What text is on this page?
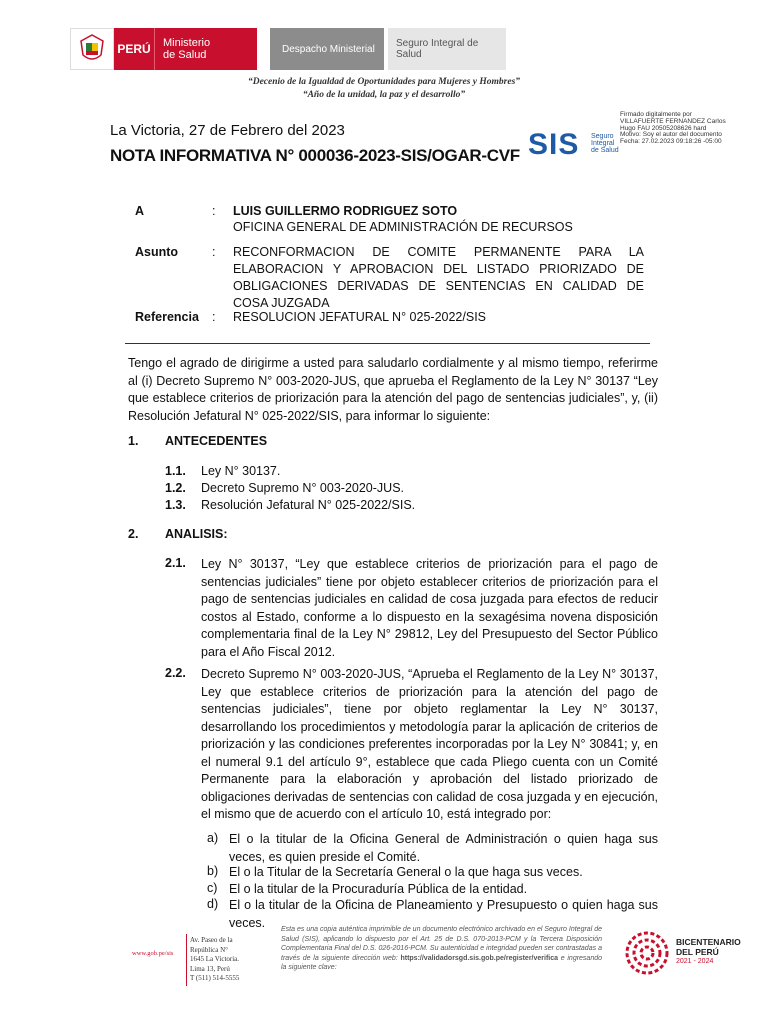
PERÚ Ministerio
de Salud	Despacho Ministerial Seguro Integral de Salud
“Decenio de la Igualdad de Oportunidades para Mujeres y Hombres”
“Año de la unidad, la paz y el desarrollo”
La Victoria, 27 de Febrero del 2023
NOTA INFORMATIVA N° 000036-2023-SIS/OGAR-CVF SIS Seguro
Integral
de Salud
Firmado digitalmente por
VILLAFUERTE FERNANDEZ Carlos
Hugo FAU 20505208626 hard
Motivo: Soy el autor del documento
Fecha: 27.02.2023 09:18:26 -05:00
A	: LUIS GUILLERMO RODRIGUEZ SOTO
OFICINA GENERAL DE ADMINISTRACIÓN DE RECURSOS
Asunto	: RECONFORMACION DE COMITE PERMANENTE PARA LA ELABORACION Y APROBACION DEL LISTADO PRIORIZADO DE OBLIGACIONES DERIVADAS DE SENTENCIAS EN CALIDAD DE COSA JUZGADA
Referencia : RESOLUCION JEFATURAL N° 025-2022/SIS
Tengo el agrado de dirigirme a usted para saludarlo cordialmente y al mismo tiempo, referirme al (i) Decreto Supremo N° 003-2020-JUS, que aprueba el Reglamento de la Ley N° 30137 “Ley que establece criterios de priorización para la atención del pago de sentencias judiciales”, y, (ii) Resolución Jefatural N° 025-2022/SIS, para informar lo siguiente:
1. ANTECEDENTES
1.1. Ley N° 30137.
1.2. Decreto Supremo N° 003-2020-JUS.
1.3. Resolución Jefatural N° 025-2022/SIS.
2. ANALISIS:
2.1. Ley N° 30137, “Ley que establece criterios de priorización para el pago de sentencias judiciales” tiene por objeto establecer criterios de priorización para el pago de sentencias judiciales en calidad de cosa juzgada para efectos de reducir costos al Estado, conforme a lo dispuesto en la sexagésima novena disposición complementaria final de la Ley N° 29812, Ley del Presupuesto del Sector Público para el Año Fiscal 2012.
2.2. Decreto Supremo N° 003-2020-JUS, “Aprueba el Reglamento de la Ley N° 30137, Ley que establece criterios de priorización para la atención del pago de sentencias judiciales”, tiene por objeto reglamentar la Ley N° 30137, desarrollando los procedimientos y metodología parar la aplicación de criterios de priorización y las condiciones preferentes incorporadas por la Ley N° 30841; y, en el numeral 9.1 del artículo 9°, establece que cada Pliego cuenta con un Comité Permanente para la elaboración y aprobación del listado priorizado de obligaciones derivadas de sentencias con calidad de cosa juzgada y en ejecución, el mismo que de acuerdo con el artículo 10, está integrado por:
a) El o la titular de la Oficina General de Administración o quien haga sus veces, es quien preside el Comité.
b) El o la Titular de la Secretaría General o la que haga sus veces.
c) El o la titular de la Procuraduría Pública de la entidad.
d) El o la titular de la Oficina de Planeamiento y Presupuesto o quien haga sus veces.
www.gob.pe/sis
Av. Paseo de la
República N°
1645 La Victoria.
Lima 13, Perú
T (511) 514-5555
Esta es una copia auténtica imprimible de un documento electrónico archivado en el Seguro Integral de Salud (SIS), aplicando lo dispuesto por el Art. 25 de D.S. 070-2013-PCM y la Tercera Disposición Complementaria Final del D.S. 026-2016-PCM. Su autenticidad e integridad pueden ser contrastadas a través de la siguiente dirección web: https://validadorsgd.sis.gob.pe/register/verifica e ingresando la siguiente clave:
BICENTENARIO
DEL PERÚ
2021 - 2024
